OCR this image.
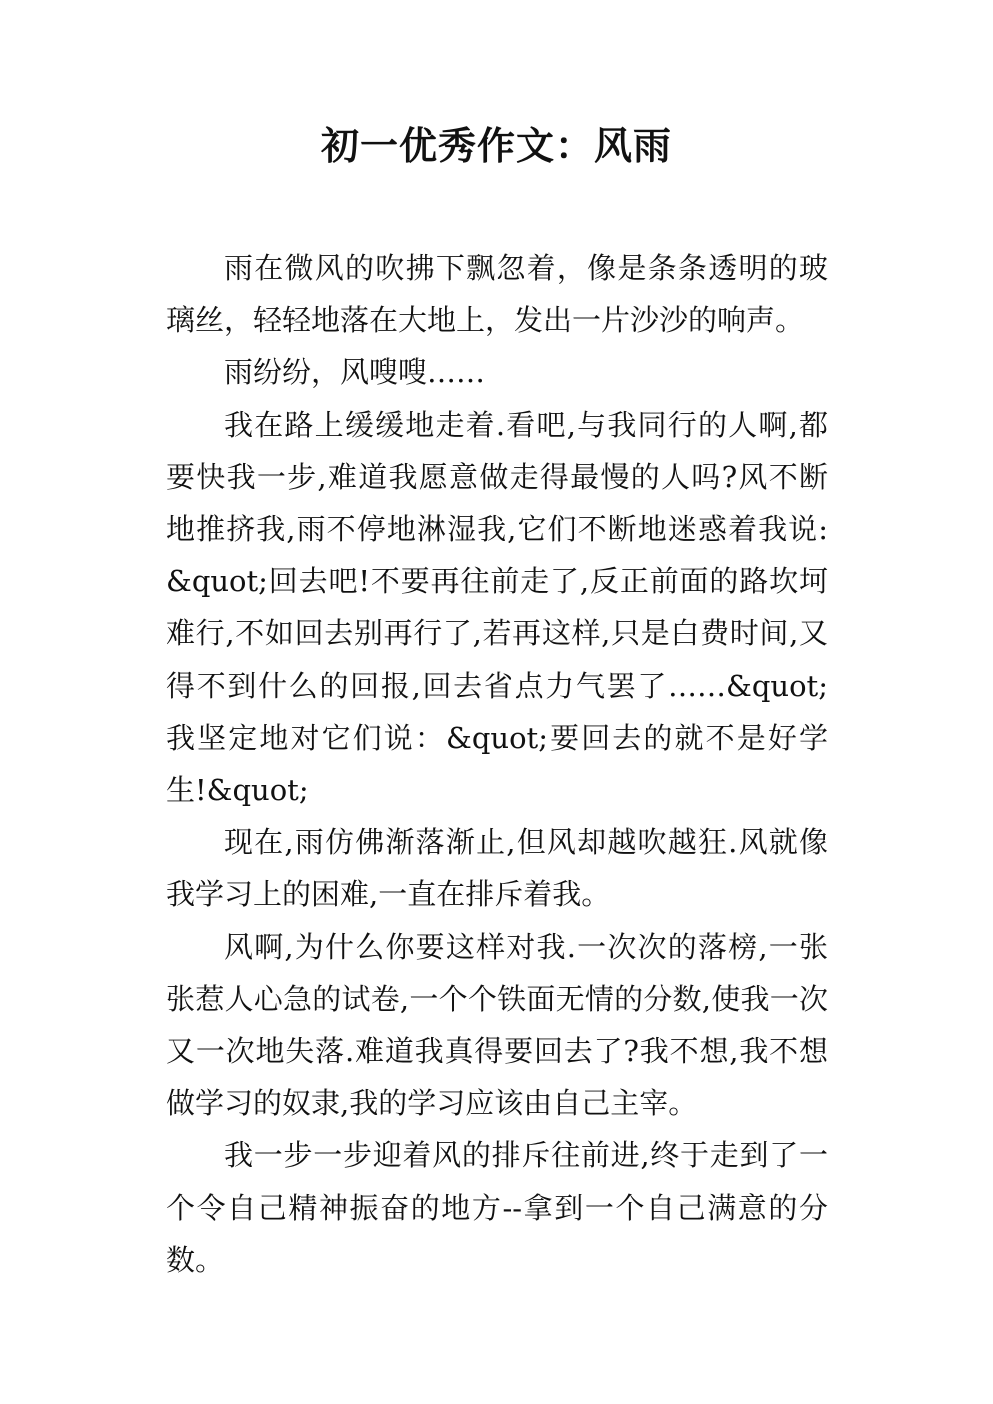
初一优秀作文：风雨

雨在微风的吹拂下飘忽着，像是条条透明的玻璃丝，轻轻地落在大地上，发出一片沙沙的响声。

雨纷纷，风嗖嗖……

我在路上缓缓地走着.看吧,与我同行的人啊,都要快我一步,难道我愿意做走得最慢的人吗?风不断地推挤我,雨不停地淋湿我,它们不断地迷惑着我说:&quot;回去吧!不要再往前走了,反正前面的路坎坷难行,不如回去别再行了,若再这样,只是白费时间,又得不到什么的回报,回去省点力气罢了……&quot;我坚定地对它们说：&quot;要回去的就不是好学生!&quot;

现在,雨仿佛渐落渐止,但风却越吹越狂.风就像我学习上的困难,一直在排斥着我。

风啊,为什么你要这样对我.一次次的落榜,一张张惹人心急的试卷,一个个铁面无情的分数,使我一次又一次地失落.难道我真得要回去了?我不想,我不想做学习的奴隶,我的学习应该由自己主宰。

我一步一步迎着风的排斥往前进,终于走到了一个令自己精神振奋的地方--拿到一个自己满意的分数。
